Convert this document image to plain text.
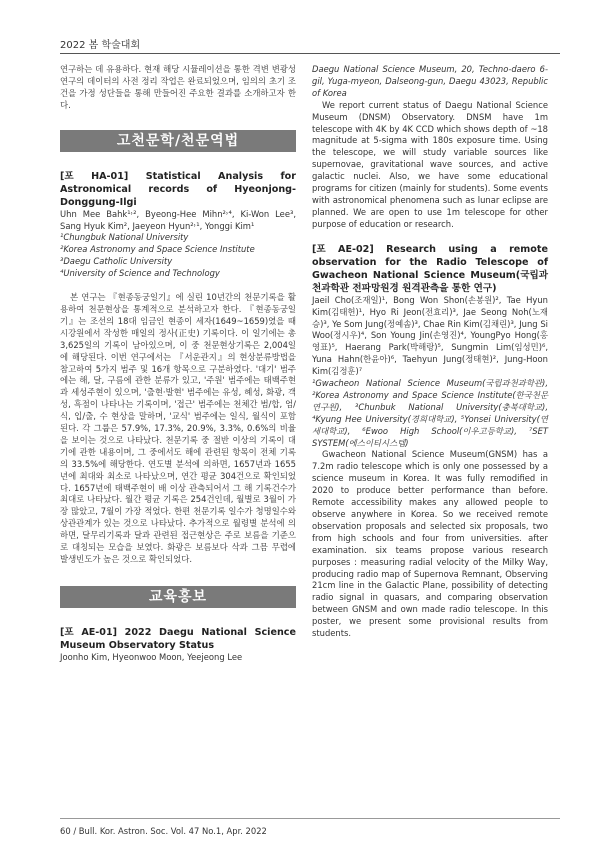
2022 봄 학술대회

연구하는 데 유용하다. 현재 해당 시뮬레이션을 통한 격변 변광성 연구의 데이터의 사전 정리 작업은 완료되었으며, 임의의 초기 조건을 가정 성단들을 통해 만들어진 주요한 결과를 소개하고자 한다.

고천문학/천문역법

[포 HA-01] Statistical Analysis for Astronomical records of Hyeonjong-Donggung-Ilgi

Uhn Mee Bahk¹˒², Byeong-Hee Mihn²˒⁴, Ki-Won Lee³, Sang Hyuk Kim², Jaeyeon Hyun²˒¹, Yonggi Kim¹

¹Chungbuk National University
²Korea Astronomy and Space Science Institute
³Daegu Catholic University
⁴University of Science and Technology

본 연구는 『현종동궁일기』에 실린 10년간의 천문기록을 활용하여 천문현상을 통계적으로 분석하고자 한다. 『현종동궁일기』는 조선의 18대 임금인 현종이 세자(1649~1659)였을 때 시강원에서 작성한 매일의 정사(正史) 기록이다. 이 일기에는 총 3,625일의 기록이 남아있으며, 이 중 천문현상기록은 2,004일에 해당된다. 이번 연구에서는 『서운관지』의 현상분류방법을 참고하여 5가지 범주 및 16개 항목으로 구분하였다. '대기' 범주에는 해, 달, 구름에 관한 분류가 있고, '주원' 범주에는 태백주현과 세성주현이 있으며, '출현·발현' 범주에는 유성, 혜성, 화광, 객성, 흑점이 나타나는 기록이며, '접근' 범주에는 천체간 범/합, 엄/식, 입/출, 수 현상을 말하며, '교식' 범주에는 일식, 월식이 포함된다. 각 그룹은 57.9%, 17.3%, 20.9%, 3.3%, 0.6%의 비율을 보이는 것으로 나타났다. 천문기록 중 절반 이상의 기록이 대기에 관한 내용이며, 그 중에서도 해에 관련된 항목이 전체 기록의 33.5%에 해당한다. 연도별 분석에 의하면, 1657년과 1655년에 최대와 최소로 나타났으며, 연간 평균 304건으로 확인되었다. 1657년에 태백주현이 배 이상 관측되어서 그 해 기록건수가 최대로 나타났다. 월간 평균 기록은 254건인데, 월별로 3월이 가장 많았고, 7월이 가장 적었다. 한편 천문기록 일수가 청명일수와 상관관계가 있는 것으로 나타났다. 추가적으로 월령별 분석에 의하면, 달무리기록과 달과 관련된 접근현상은 주로 보름을 기준으로 대칭되는 모습을 보였다. 화광은 보름보다 삭과 그믐 무렵에 발생빈도가 높은 것으로 확인되었다.

교육홍보

[포 AE-01] 2022 Daegu National Science Museum Observatory Status

Joonho Kim, Hyeonwoo Moon, Yeejeong Lee

Daegu National Science Museum, 20, Techno-daero 6-gil, Yuga-myeon, Dalseong-gun, Daegu 43023, Republic of Korea

We report current status of Daegu National Science Museum (DNSM) Observatory. DNSM have 1m telescope with 4K by 4K CCD which shows depth of ~18 magnitude at 5-sigma with 180s exposure time. Using the telescope, we will study variable sources like supernovae, gravitational wave sources, and active galactic nuclei. Also, we have some educational programs for citizen (mainly for students). Some events with astronomical phenomena such as lunar eclipse are planned. We are open to use 1m telescope for other purpose of education or research.

[포 AE-02] Research using a remote observation for the Radio Telescope of Gwacheon National Science Museum(국립과천과학관 전파망원경 원격관측을 통한 연구)

Jaeil Cho(조재일)¹, Bong Won Shon(손봉원)², Tae Hyun Kim(김태헌)¹, Hyo Ri Jeon(전효리)³, Jae Seong Noh(노재승)³, Ye Som Jung(정예솜)³, Chae Rin Kim(김채린)³, Jung Si Woo(정시우)⁴, Son Young Jin(손영진)⁴, YoungPyo Hong(홍영표)⁵, Haerang Park(박해랑)⁵, Sungmin Lim(임성민)⁶, Yuna Hahn(한윤아)⁶, Taehyun Jung(정태현)², Jung-Hoon Kim(김정훈)⁷

¹Gwacheon National Science Museum(국립과천과학관), ²Korea Astronomy and Space Science Institute(한국천문연구원), ³Chunbuk National University(충북대학교), ⁴Kyung Hee University(경희대학교), ⁵Yonsei University(연세대학교), ⁶Ewoo High School(이우고등학교), ⁷SET SYSTEM(에스이티시스템)

Gwacheon National Science Museum(GNSM) has a 7.2m radio telescope which is only one possessed by a science museum in Korea. It was fully remodified in 2020 to produce better performance than before. Remote accessibility makes any allowed people to observe anywhere in Korea. So we received remote observation proposals and selected six proposals, two from high schools and four from universities. after examination. six teams propose various research purposes : measuring radial velocity of the Milky Way, producing radio map of Supernova Remnant, Observing 21cm line in the Galactic Plane, possibility of detecting radio signal in quasars, and comparing observation between GNSM and own made radio telescope. In this poster, we present some provisional results from students.

60 / Bull. Kor. Astron. Soc. Vol. 47 No.1, Apr. 2022
